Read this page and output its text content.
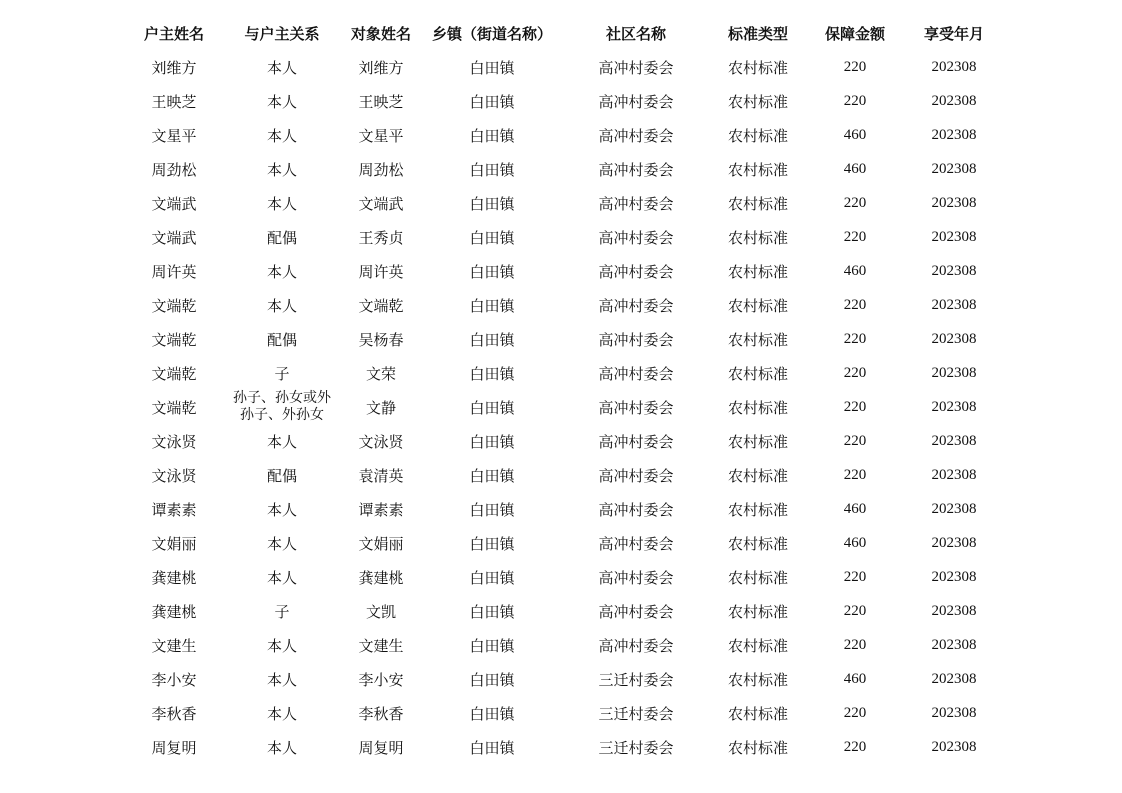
户主姓名	与户主关系	对象姓名	乡镇（街道名称）	社区名称	标准类型	保障金额	享受年月
刘维方	本人	刘维方	白田镇	高冲村委会	农村标准	220	202308
王映芝	本人	王映芝	白田镇	高冲村委会	农村标准	220	202308
文星平	本人	文星平	白田镇	高冲村委会	农村标准	460	202308
周劲松	本人	周劲松	白田镇	高冲村委会	农村标准	460	202308
文端武	本人	文端武	白田镇	高冲村委会	农村标准	220	202308
文端武	配偶	王秀贞	白田镇	高冲村委会	农村标准	220	202308
周许英	本人	周许英	白田镇	高冲村委会	农村标准	460	202308
文端乾	本人	文端乾	白田镇	高冲村委会	农村标准	220	202308
文端乾	配偶	吴杨春	白田镇	高冲村委会	农村标准	220	202308
文端乾	子	文荣	白田镇	高冲村委会	农村标准	220	202308
文端乾	孙子、孙女或外孙子、外孙女	文静	白田镇	高冲村委会	农村标准	220	202308
文泳贤	本人	文泳贤	白田镇	高冲村委会	农村标准	220	202308
文泳贤	配偶	袁清英	白田镇	高冲村委会	农村标准	220	202308
谭素素	本人	谭素素	白田镇	高冲村委会	农村标准	460	202308
文娟丽	本人	文娟丽	白田镇	高冲村委会	农村标准	460	202308
龚建桃	本人	龚建桃	白田镇	高冲村委会	农村标准	220	202308
龚建桃	子	文凯	白田镇	高冲村委会	农村标准	220	202308
文建生	本人	文建生	白田镇	高冲村委会	农村标准	220	202308
李小安	本人	李小安	白田镇	三迁村委会	农村标准	460	202308
李秋香	本人	李秋香	白田镇	三迁村委会	农村标准	220	202308
周复明	本人	周复明	白田镇	三迁村委会	农村标准	220	202308
